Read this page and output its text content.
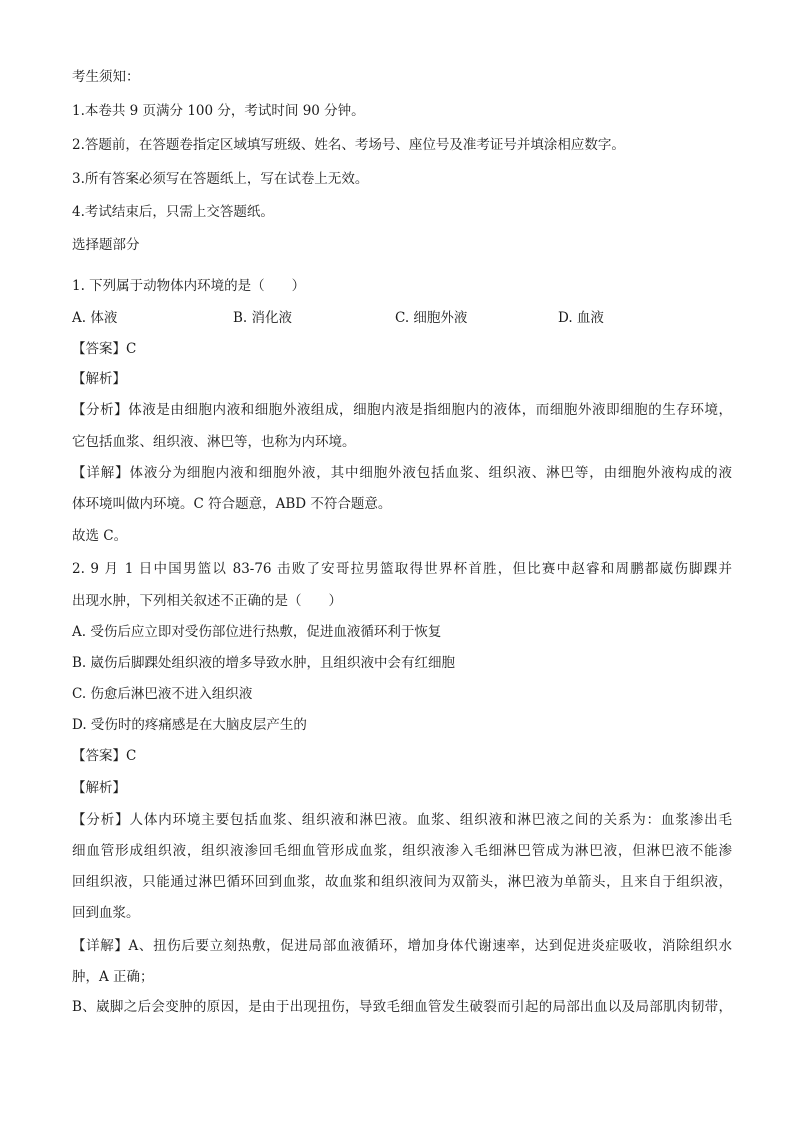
考生须知：
1.本卷共 9 页满分 100 分，考试时间 90 分钟。
2.答题前，在答题卷指定区域填写班级、姓名、考场号、座位号及准考证号并填涂相应数字。
3.所有答案必须写在答题纸上，写在试卷上无效。
4.考试结束后，只需上交答题纸。
选择题部分
1. 下列属于动物体内环境的是（　　）
A. 体液	B. 消化液	C. 细胞外液	D. 血液
【答案】C
【解析】
【分析】体液是由细胞内液和细胞外液组成，细胞内液是指细胞内的液体，而细胞外液即细胞的生存环境，
它包括血浆、组织液、淋巴等，也称为内环境。
【详解】体液分为细胞内液和细胞外液，其中细胞外液包括血浆、组织液、淋巴等，由细胞外液构成的液
体环境叫做内环境。C 符合题意，ABD 不符合题意。
故选 C。
2. 9 月 1 日中国男篮以 83-76 击败了安哥拉男篮取得世界杯首胜，但比赛中赵睿和周鹏都崴伤脚踝并
出现水肿，下列相关叙述不正确的是（　　）
A. 受伤后应立即对受伤部位进行热敷，促进血液循环利于恢复
B. 崴伤后脚踝处组织液的增多导致水肿，且组织液中会有红细胞
C. 伤愈后淋巴液不进入组织液
D. 受伤时的疼痛感是在大脑皮层产生的
【答案】C
【解析】
【分析】人体内环境主要包括血浆、组织液和淋巴液。血浆、组织液和淋巴液之间的关系为：血浆渗出毛
细血管形成组织液，组织液渗回毛细血管形成血浆，组织液渗入毛细淋巴管成为淋巴液，但淋巴液不能渗
回组织液，只能通过淋巴循环回到血浆，故血浆和组织液间为双箭头，淋巴液为单箭头，且来自于组织液，
回到血浆。
【详解】A、扭伤后要立刻热敷，促进局部血液循环，增加身体代谢速率，达到促进炎症吸收，消除组织水
肿，A 正确；
B、崴脚之后会变肿的原因，是由于出现扭伤，导致毛细血管发生破裂而引起的局部出血以及局部肌肉韧带，
